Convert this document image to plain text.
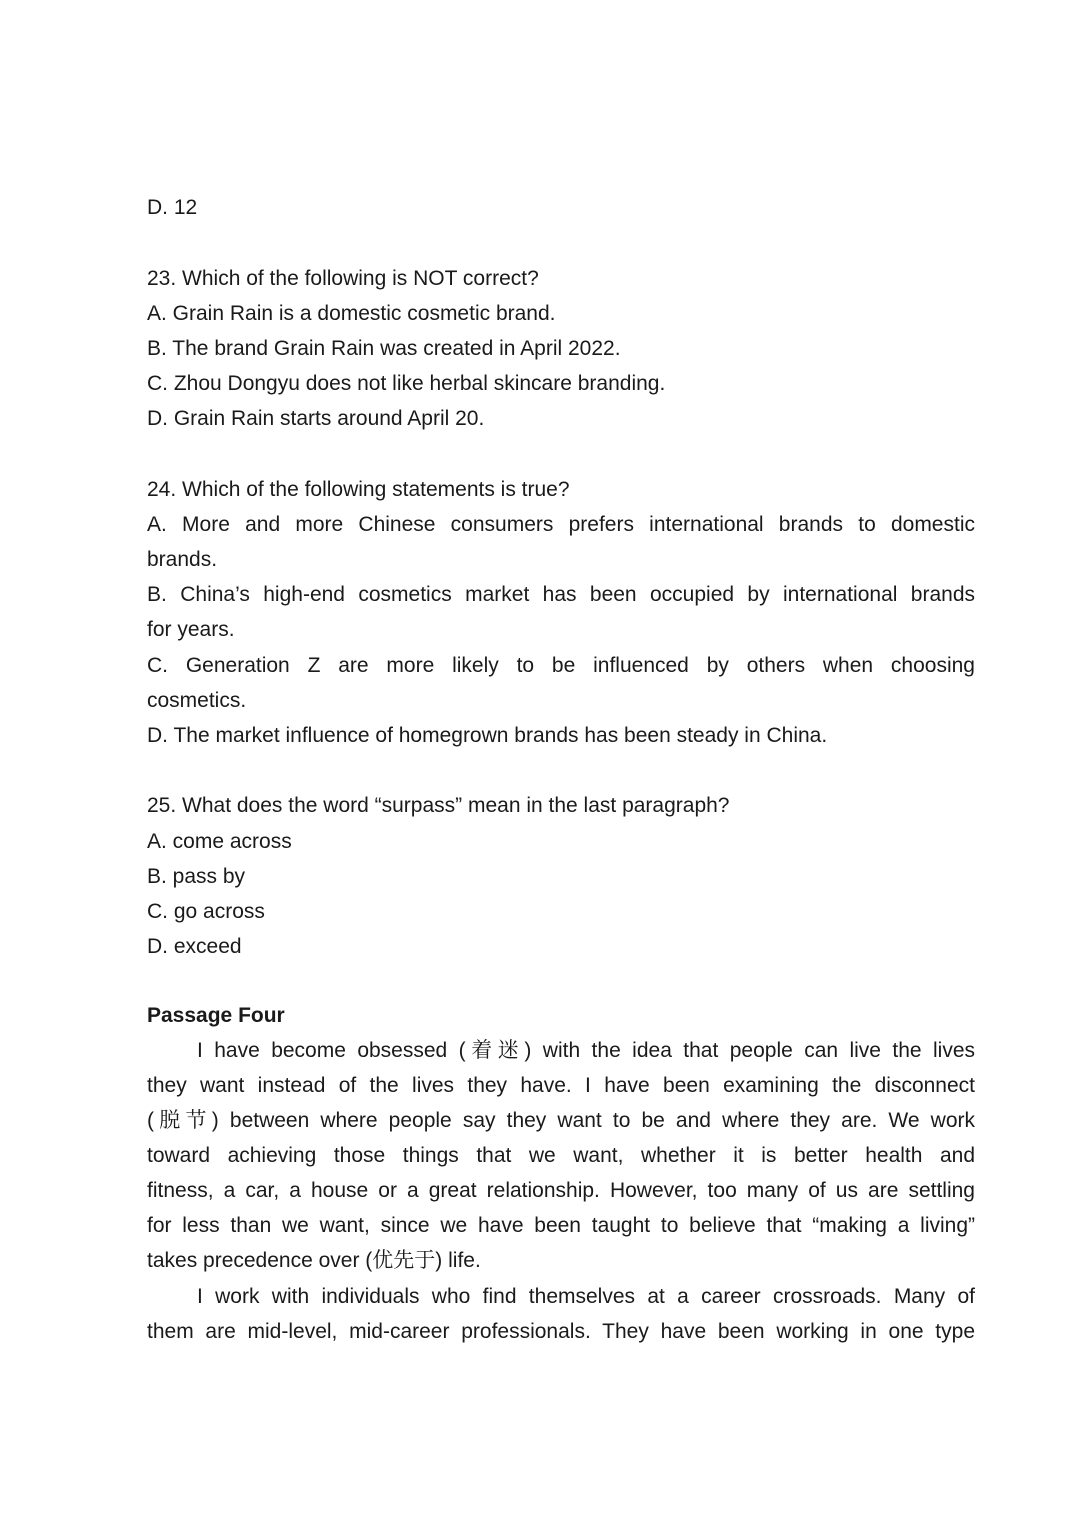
D. 12
23. Which of the following is NOT correct?
A. Grain Rain is a domestic cosmetic brand.
B. The brand Grain Rain was created in April 2022.
C. Zhou Dongyu does not like herbal skincare branding.
D. Grain Rain starts around April 20.
24. Which of the following statements is true?
A. More and more Chinese consumers prefers international brands to domestic
brands.
B. China’s high-end cosmetics market has been occupied by international brands
for years.
C. Generation Z are more likely to be influenced by others when choosing
cosmetics.
D. The market influence of homegrown brands has been steady in China.
25. What does the word “surpass” mean in the last paragraph?
A. come across
B. pass by
C. go across
D. exceed
Passage Four
I have become obsessed (着迷) with the idea that people can live the lives
they want instead of the lives they have. I have been examining the disconnect
(脱节) between where people say they want to be and where they are. We work
toward achieving those things that we want, whether it is better health and
fitness, a car, a house or a great relationship. However, too many of us are settling
for less than we want, since we have been taught to believe that “making a living”
takes precedence over (优先于) life.
I work with individuals who find themselves at a career crossroads. Many of
them are mid-level, mid-career professionals. They have been working in one type
